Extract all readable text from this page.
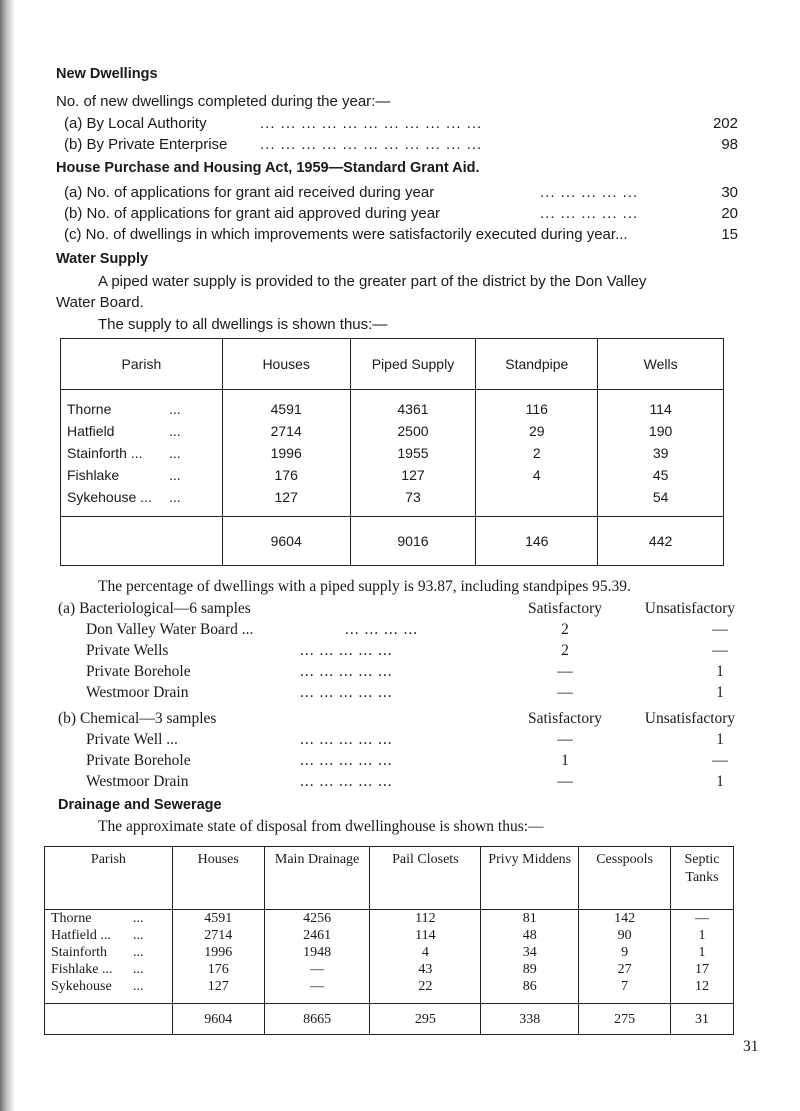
New Dwellings
No. of new dwellings completed during the year:—
(a) By Local Authority	... ... ... ... ... ... ... ... ... ... ...	202
(b) By Private Enterprise ... ... ... ... ... ... ... ... ... ... ...	98
House Purchase and Housing Act, 1959—Standard Grant Aid.
(a) No. of applications for grant aid received during year	... ... ... ... ...	30
(b) No. of applications for grant aid approved during year	... ... ... ... ...	20
(c) No. of dwellings in which improvements were satisfactorily executed during year...	15
Water Supply
A piped water supply is provided to the greater part of the district by the Don Valley
Water Board.
The supply to all dwellings is shown thus:—
Parish	Houses	Piped Supply	Standpipe	Wells
Thorne ...	4591	4361	116	114
Hatfield ...	2714	2500	29	190
Stainforth ... ...	1996	1955	2	39
Fishlake ...	176	127	4	45
Sykehouse ... ...	127	73		54
	9604	9016	146	442
The percentage of dwellings with a piped supply is 93.87, including standpipes 95.39.
(a) Bacteriological—6 samples	Satisfactory	Unsatisfactory
Don Valley Water Board ...	... ... ... ...	2	—
Private Wells	... ... ... ... ...	2	—
Private Borehole	... ... ... ... ...	—	1
Westmoor Drain	... ... ... ... ...	—	1
(b) Chemical—3 samples	Satisfactory	Unsatisfactory
Private Well ...	... ... ... ... ...	—	1
Private Borehole	... ... ... ... ...	1	—
Westmoor Drain	... ... ... ... ...	—	1
Drainage and Sewerage
The approximate state of disposal from dwellinghouse is shown thus:—
Parish	Houses	Main Drainage	Pail Closets	Privy Middens	Cesspools	Septic Tanks
Thorne ...	4591	4256	112	81	142	—
Hatfield ... ...	2714	2461	114	48	90	1
Stainforth ...	1996	1948	4	34	9	1
Fishlake ... ...	176	—	43	89	27	17
Sykehouse ...	127	—	22	86	7	12
	9604	8665	295	338	275	31
31
